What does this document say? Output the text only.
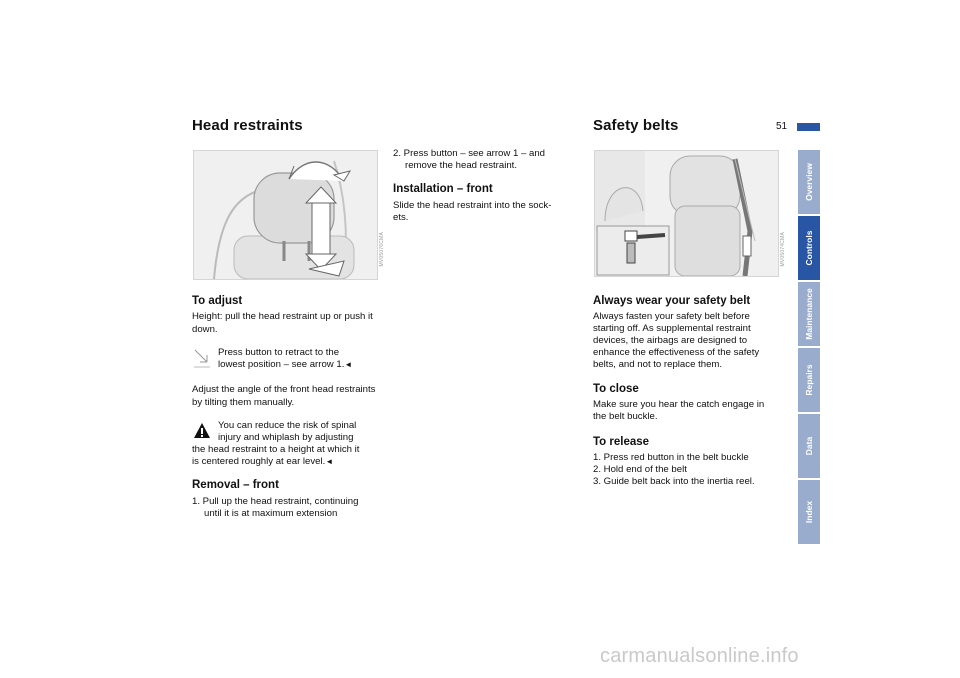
Head restraints
MV05076CMA
To adjust

Height: pull the head restraint up or push it down.

Press button to retract to the

lowest position – see arrow 1.◄

Adjust the angle of the front head restraints by tilting them manually.

You can reduce the risk of spinal

injury and whiplash by adjusting

the head restraint to a height at which it

is centered roughly at ear level.◄

Removal – front

1. Pull up the head restraint, continuing

until it is at maximum extension

2. Press button – see arrow 1 – and

remove the head restraint.

Installation – front

Slide the head restraint into the sock-

ets.

Safety belts	51
MV05074CMA
Always wear your safety belt

Always fasten your safety belt before

starting off. As supplemental restraint

devices, the airbags are designed to

enhance the effectiveness of the safety

belts, and not to replace them.

To close

Make sure you hear the catch engage in

the belt buckle.

To release

1. Press red button in the belt buckle

2. Hold end of the belt

3. Guide belt back into the inertia reel.

Overview
Controls
Maintenance
Repairs
Data
Index
carmanualsonline.info
